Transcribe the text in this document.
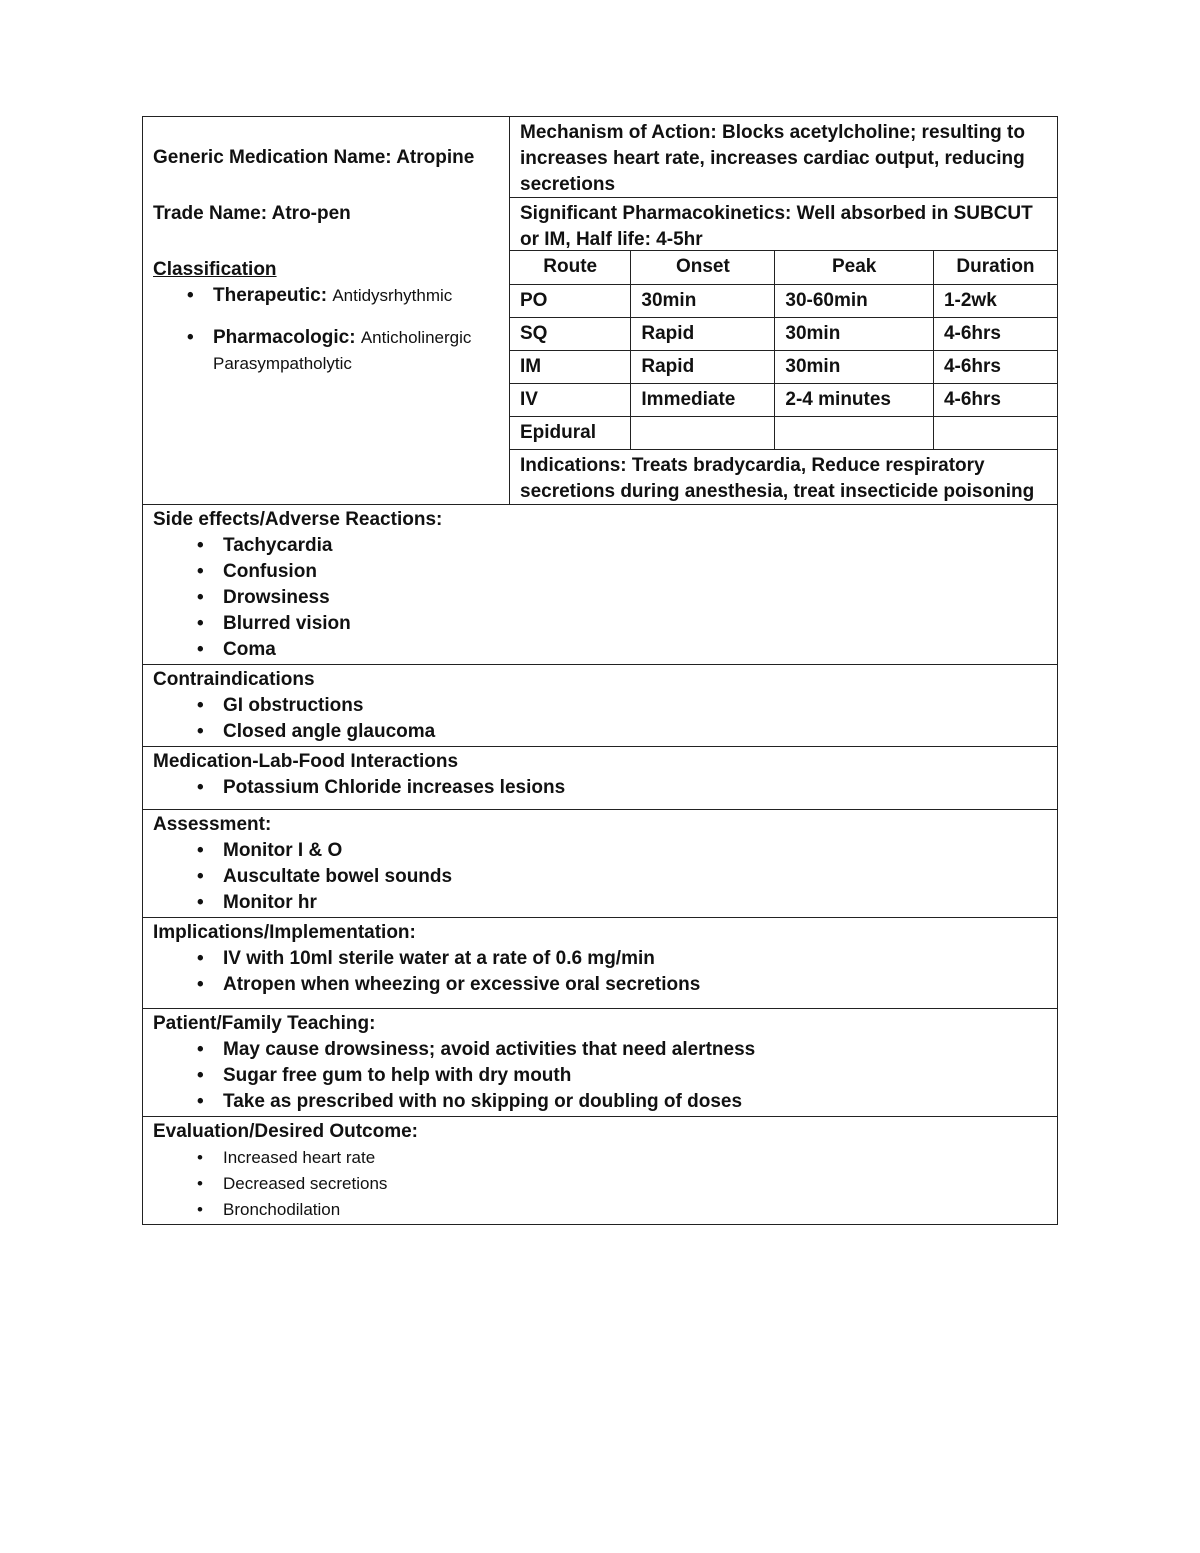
Generic Medication Name: Atropine
Trade Name: Atro-pen
Classification
• Therapeutic: Antidysrhythmic
• Pharmacologic: Anticholinergic Parasympatholytic
Mechanism of Action: Blocks acetylcholine; resulting to increases heart rate, increases cardiac output, reducing secretions
Significant Pharmacokinetics: Well absorbed in SUBCUT or IM, Half life: 4-5hr
Route	Onset	Peak	Duration
PO	30min	30-60min	1-2wk
SQ	Rapid	30min	4-6hrs
IM	Rapid	30min	4-6hrs
IV	Immediate	2-4 minutes	4-6hrs
Epidural			
Indications: Treats bradycardia, Reduce respiratory secretions during anesthesia, treat insecticide poisoning
Side effects/Adverse Reactions:
• Tachycardia
• Confusion
• Drowsiness
• Blurred vision
• Coma
Contraindications
• GI obstructions
• Closed angle glaucoma
Medication-Lab-Food Interactions
• Potassium Chloride increases lesions
Assessment:
• Monitor I & O
• Auscultate bowel sounds
• Monitor hr
Implications/Implementation:
• IV with 10ml sterile water at a rate of 0.6 mg/min
• Atropen when wheezing or excessive oral secretions
Patient/Family Teaching:
• May cause drowsiness; avoid activities that need alertness
• Sugar free gum to help with dry mouth
• Take as prescribed with no skipping or doubling of doses
Evaluation/Desired Outcome:
• Increased heart rate
• Decreased secretions
• Bronchodilation
